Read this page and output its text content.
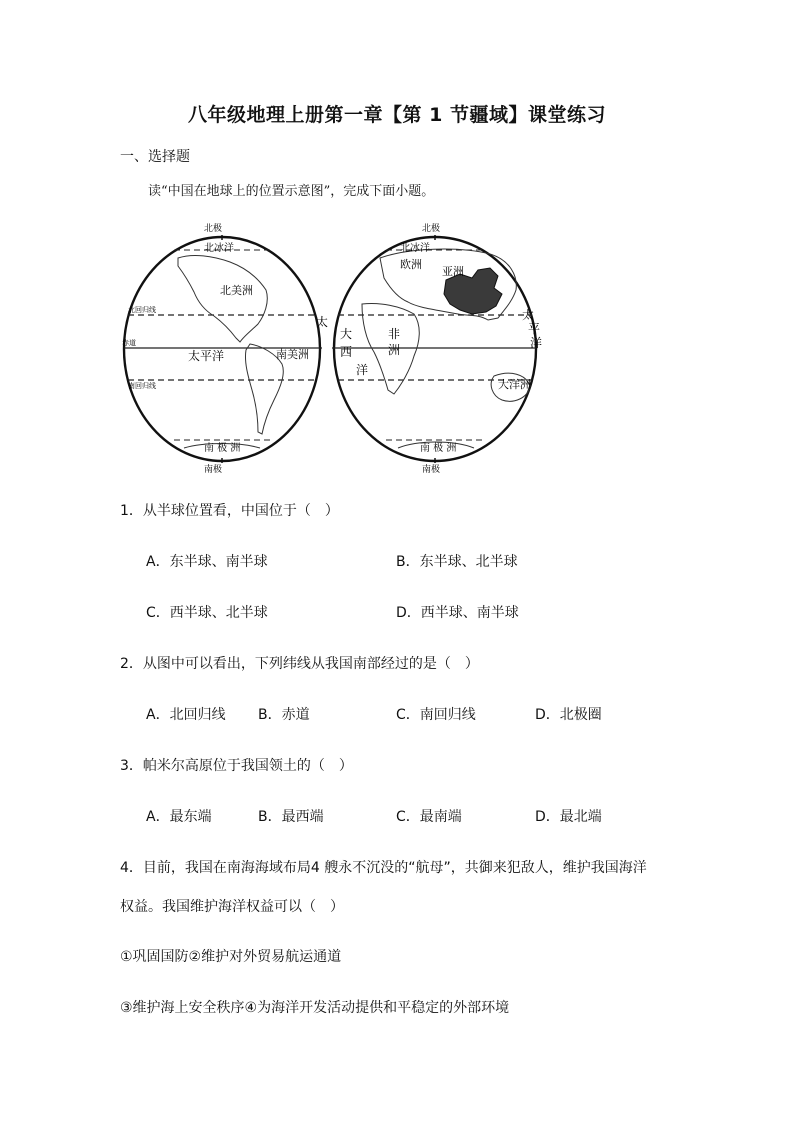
八年级地理上册第一章【第 1 节疆域】课堂练习
一、选择题
读“中国在地球上的位置示意图”，完成下面小题。
北极
南极
北冰洋
北美洲
南美洲
太平洋
太
南 极 洲
北回归线
赤道
南回归线
北极
南极
北冰洋
欧洲
亚洲
非
洲
大
西
洋
太
平
洋
大洋洲
南 极 洲
1．从半球位置看，中国位于（　）
A．东半球、南半球	B．东半球、北半球
C．西半球、北半球	D．西半球、南半球
2．从图中可以看出，下列纬线从我国南部经过的是（　）
A．北回归线 B．赤道	C．南回归线	D．北极圈
3．帕米尔高原位于我国领土的（　）
A．最东端	B．最西端	C．最南端	D．最北端
4．目前，我国在南海海域布局4 艘永不沉没的“航母”，共御来犯敌人，维护我国海洋
权益。我国维护海洋权益可以（　）
①巩固国防②维护对外贸易航运通道
③维护海上安全秩序④为海洋开发活动提供和平稳定的外部环境
